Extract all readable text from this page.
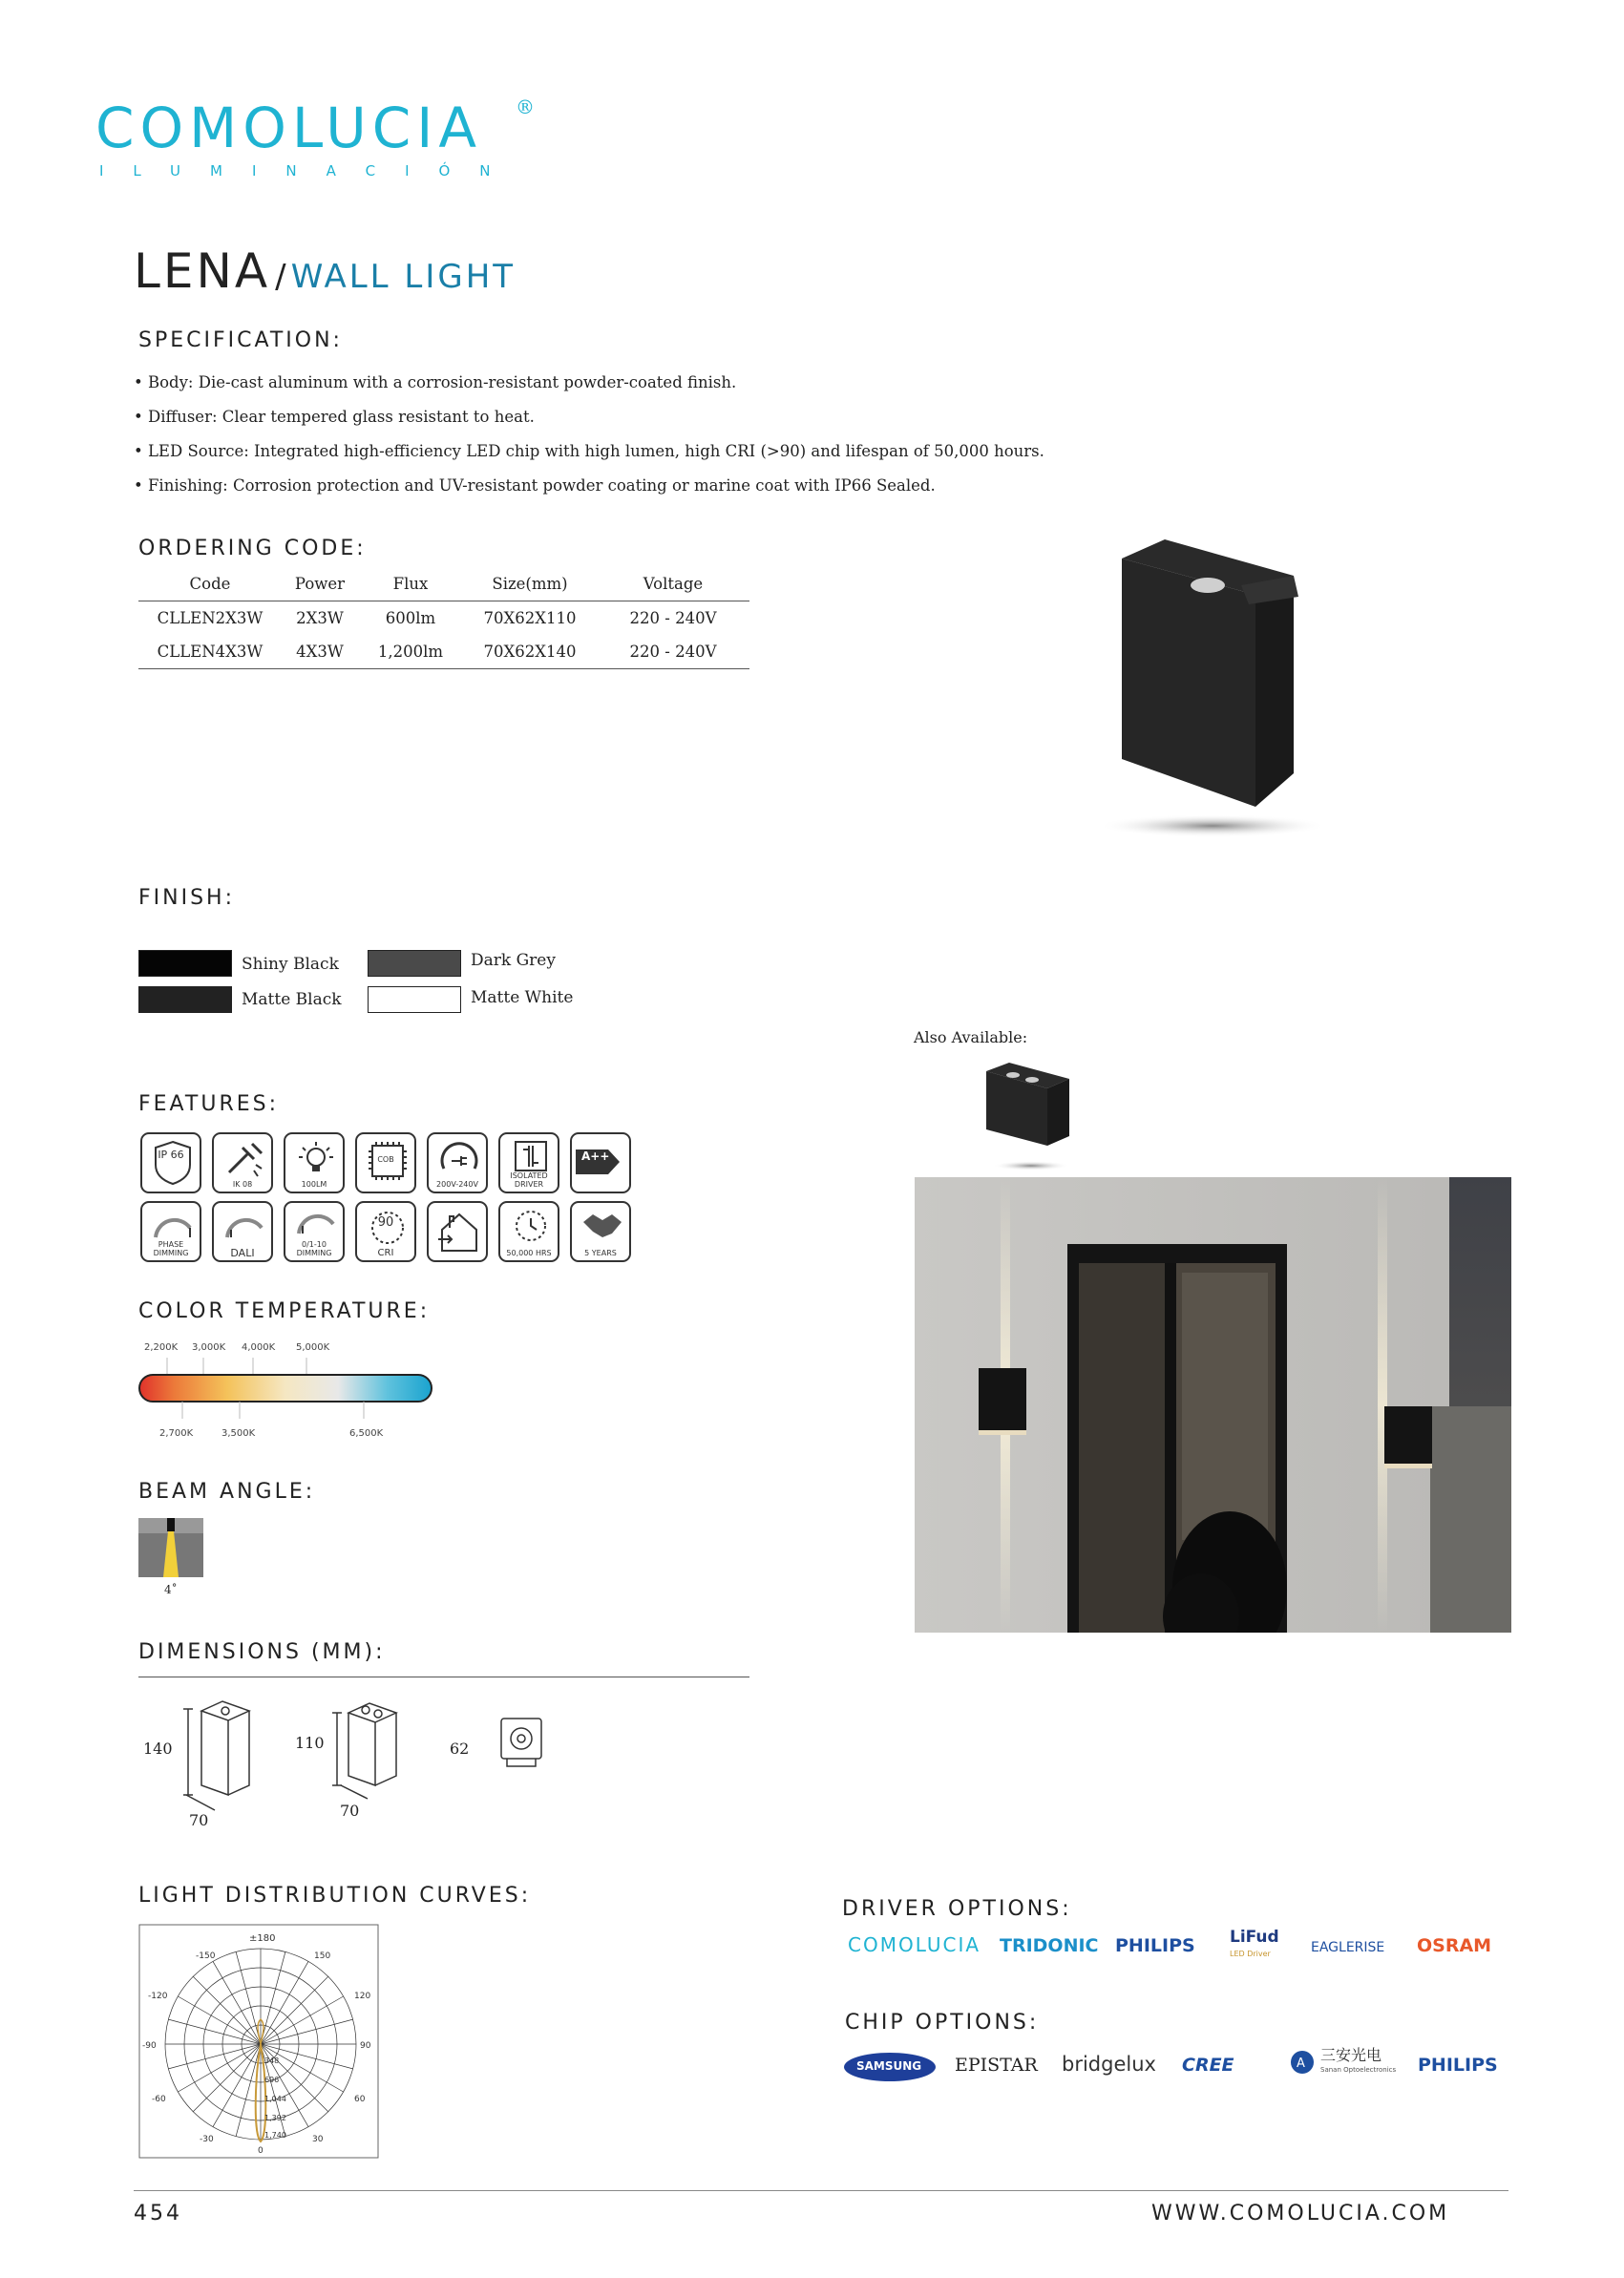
COMOLUCIA ®
ILUMINACIÓN
LENA / WALL LIGHT
SPECIFICATION:
• Body: Die-cast aluminum with a corrosion-resistant powder-coated finish.
• Diffuser: Clear tempered glass resistant to heat.
• LED Source: Integrated high-efficiency LED chip with high lumen, high CRI (>90) and lifespan of 50,000 hours.
• Finishing: Corrosion protection and UV-resistant powder coating or marine coat with IP66 Sealed.
ORDERING CODE:
Code	Power	Flux	Size(mm)	Voltage
CLLEN2X3W	2X3W	600lm	70X62X110	220 - 240V
CLLEN4X3W	4X3W	1,200lm	70X62X140	220 - 240V
FINISH:
Shiny Black	Dark Grey
Matte Black	Matte White
Also Available:
FEATURES:
IP 66
IK 08	100LM
COB
200V-240V
ISOLATED DRIVER
A++
PHASE DIMMING	DALI
0/1-10 DIMMING
90
CRI	50,000 HRS	5 YEARS
COLOR TEMPERATURE:
2,200K 3,000K 4,000K 5,000K
2,700K	3,500K	6,500K
BEAM ANGLE:
4˚
DIMENSIONS (MM):
140
70
110
70
62
LIGHT DISTRIBUTION CURVES:
±180
-150	150
-120	120
-90	90
-60	60
-30	30
0
348
696
1,044
1,392
1,740
DRIVER OPTIONS:
COMOLUCIA TRIDONIC PHILIPS LiFud
LED Driver	EAGLERISE OSRAM
CHIP OPTIONS:
SAMSUNG EPISTAR bridgelux CREE	A 三安光电
Sanan Optoelectronics PHILIPS
454	WWW.COMOLUCIA.COM
